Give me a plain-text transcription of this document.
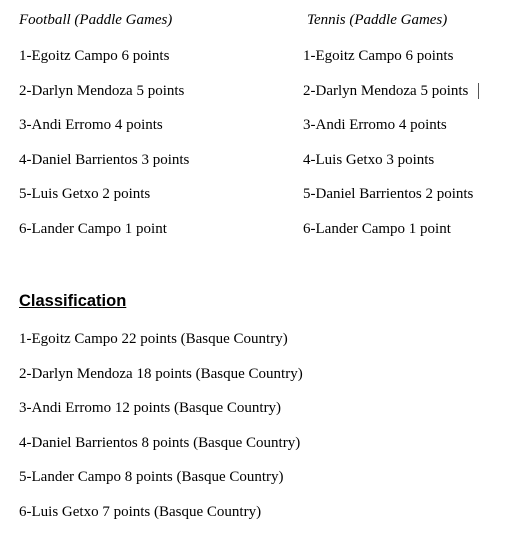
Football (Paddle Games)	Tennis (Paddle Games)
1-Egoitz Campo 6 points
2-Darlyn Mendoza 5 points
3-Andi Erromo 4 points
4-Daniel Barrientos 3 points
5-Luis Getxo 2 points
6-Lander Campo 1 point
1-Egoitz Campo 6 points
2-Darlyn Mendoza 5 points
3-Andi Erromo 4 points
4-Luis Getxo 3 points
5-Daniel Barrientos 2 points
6-Lander Campo 1 point
Classification
1-Egoitz Campo 22 points (Basque Country)
2-Darlyn Mendoza 18 points (Basque Country)
3-Andi Erromo 12 points (Basque Country)
4-Daniel Barrientos 8 points (Basque Country)
5-Lander Campo 8 points (Basque Country)
6-Luis Getxo 7 points (Basque Country)
